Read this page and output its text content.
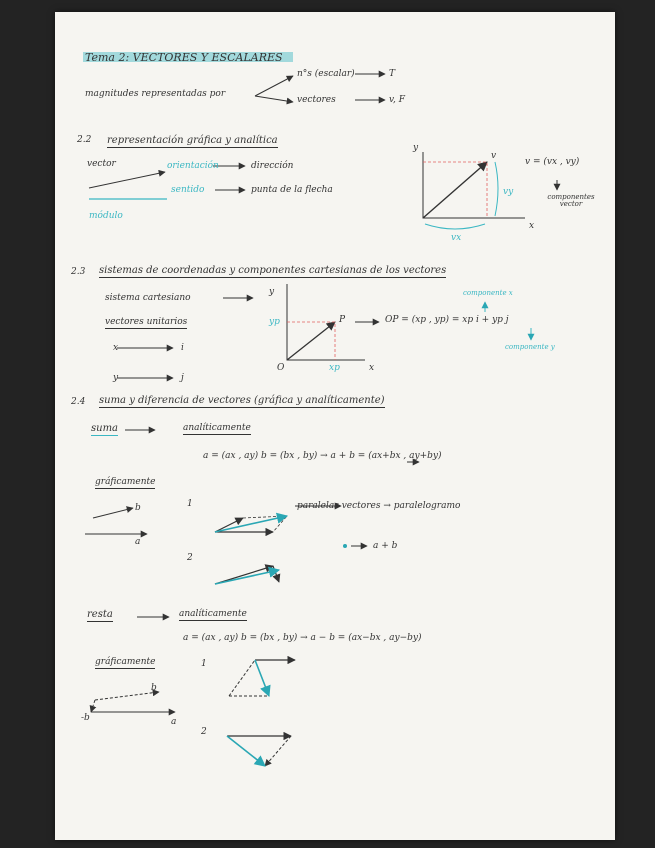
Tema 2: VECTORES Y ESCALARES
magnitudes representadas por
n°s (escalar)	T
vectores	v, F
2.2 representación gráfica y analítica
vector	orientación	dirección
sentido	punta de la flecha
módulo
y
x
v
vy
vx
v = (vx , vy)
componentes vector
2.3 sistemas de coordenadas y componentes cartesianas de los vectores
sistema cartesiano
vectores unitarios
x	i
y	j
y
x
P
yp
xp
O
OP = (xp , yp) = xp i + yp j
componente x
componente y
2.4 suma y diferencia de vectores (gráfica y analíticamente)
suma	analíticamente
a = (ax , ay) b = (bx , by) → a + b = (ax+bx , ay+by)
gráficamente
b
a
1
2
paralelas vectores → paralelogramo
a + b
resta	analíticamente
a = (ax , ay) b = (bx , by) → a − b = (ax−bx , ay−by)
gráficamente
b
-b	a
1
2
